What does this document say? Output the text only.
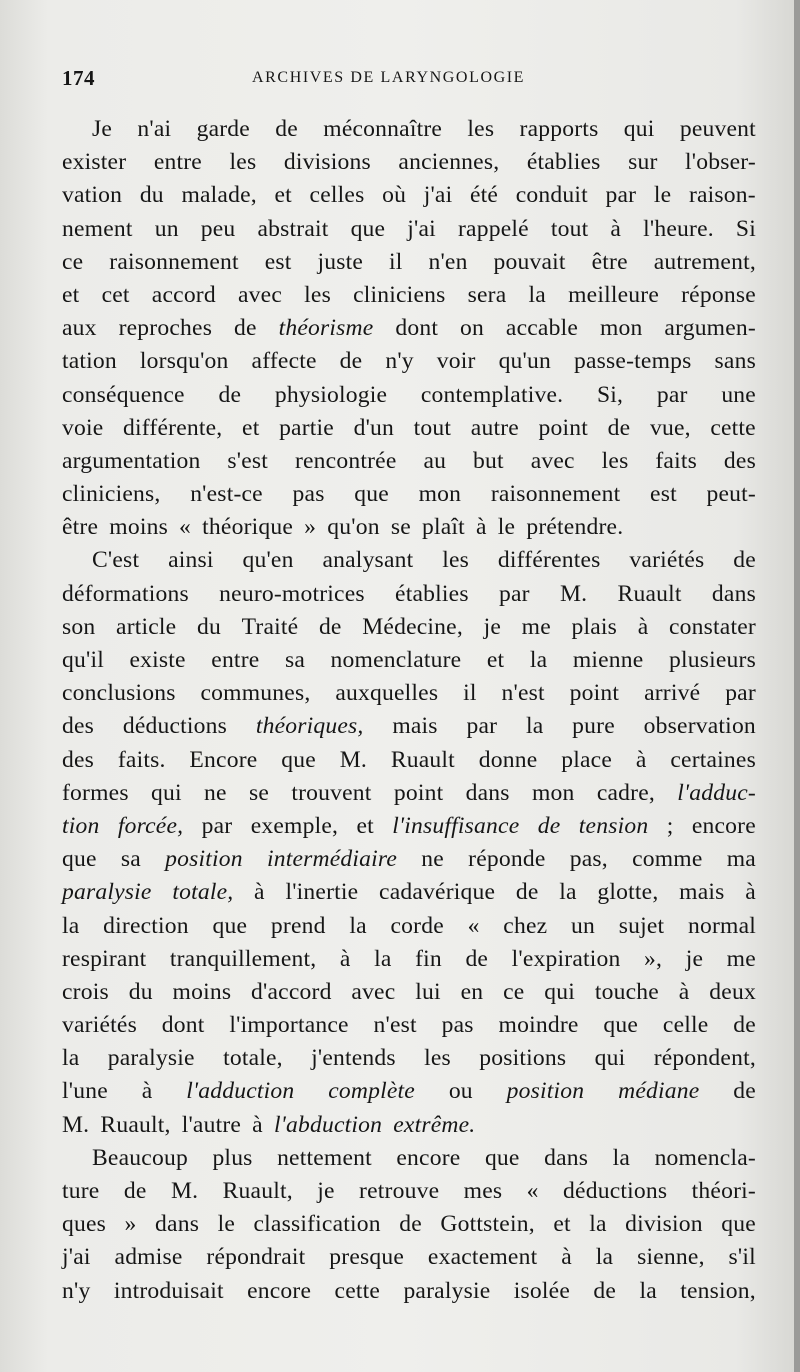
174	ARCHIVES DE LARYNGOLOGIE
Je n'ai garde de méconnaître les rapports qui peuvent
exister entre les divisions anciennes, établies sur l'obser-
vation du malade, et celles où j'ai été conduit par le raison-
nement un peu abstrait que j'ai rappelé tout à l'heure. Si
ce raisonnement est juste il n'en pouvait être autrement,
et cet accord avec les cliniciens sera la meilleure réponse
aux reproches de théorisme dont on accable mon argumen-
tation lorsqu'on affecte de n'y voir qu'un passe-temps sans
conséquence de physiologie contemplative. Si, par une
voie différente, et partie d'un tout autre point de vue, cette
argumentation s'est rencontrée au but avec les faits des
cliniciens, n'est-ce pas que mon raisonnement est peut-
être moins « théorique » qu'on se plaît à le prétendre.
C'est ainsi qu'en analysant les différentes variétés de
déformations neuro-motrices établies par M. Ruault dans
son article du Traité de Médecine, je me plais à constater
qu'il existe entre sa nomenclature et la mienne plusieurs
conclusions communes, auxquelles il n'est point arrivé par
des déductions théoriques, mais par la pure observation
des faits. Encore que M. Ruault donne place à certaines
formes qui ne se trouvent point dans mon cadre, l'adduc-
tion forcée, par exemple, et l'insuffisance de tension ; encore
que sa position intermédiaire ne réponde pas, comme ma
paralysie totale, à l'inertie cadavérique de la glotte, mais à
la direction que prend la corde « chez un sujet normal
respirant tranquillement, à la fin de l'expiration », je me
crois du moins d'accord avec lui en ce qui touche à deux
variétés dont l'importance n'est pas moindre que celle de
la paralysie totale, j'entends les positions qui répondent,
l'une à l'adduction complète ou position médiane de
M. Ruault, l'autre à l'abduction extrême.
Beaucoup plus nettement encore que dans la nomencla-
ture de M. Ruault, je retrouve mes « déductions théori-
ques » dans le classification de Gottstein, et la division que
j'ai admise répondrait presque exactement à la sienne, s'il
n'y introduisait encore cette paralysie isolée de la tension,
